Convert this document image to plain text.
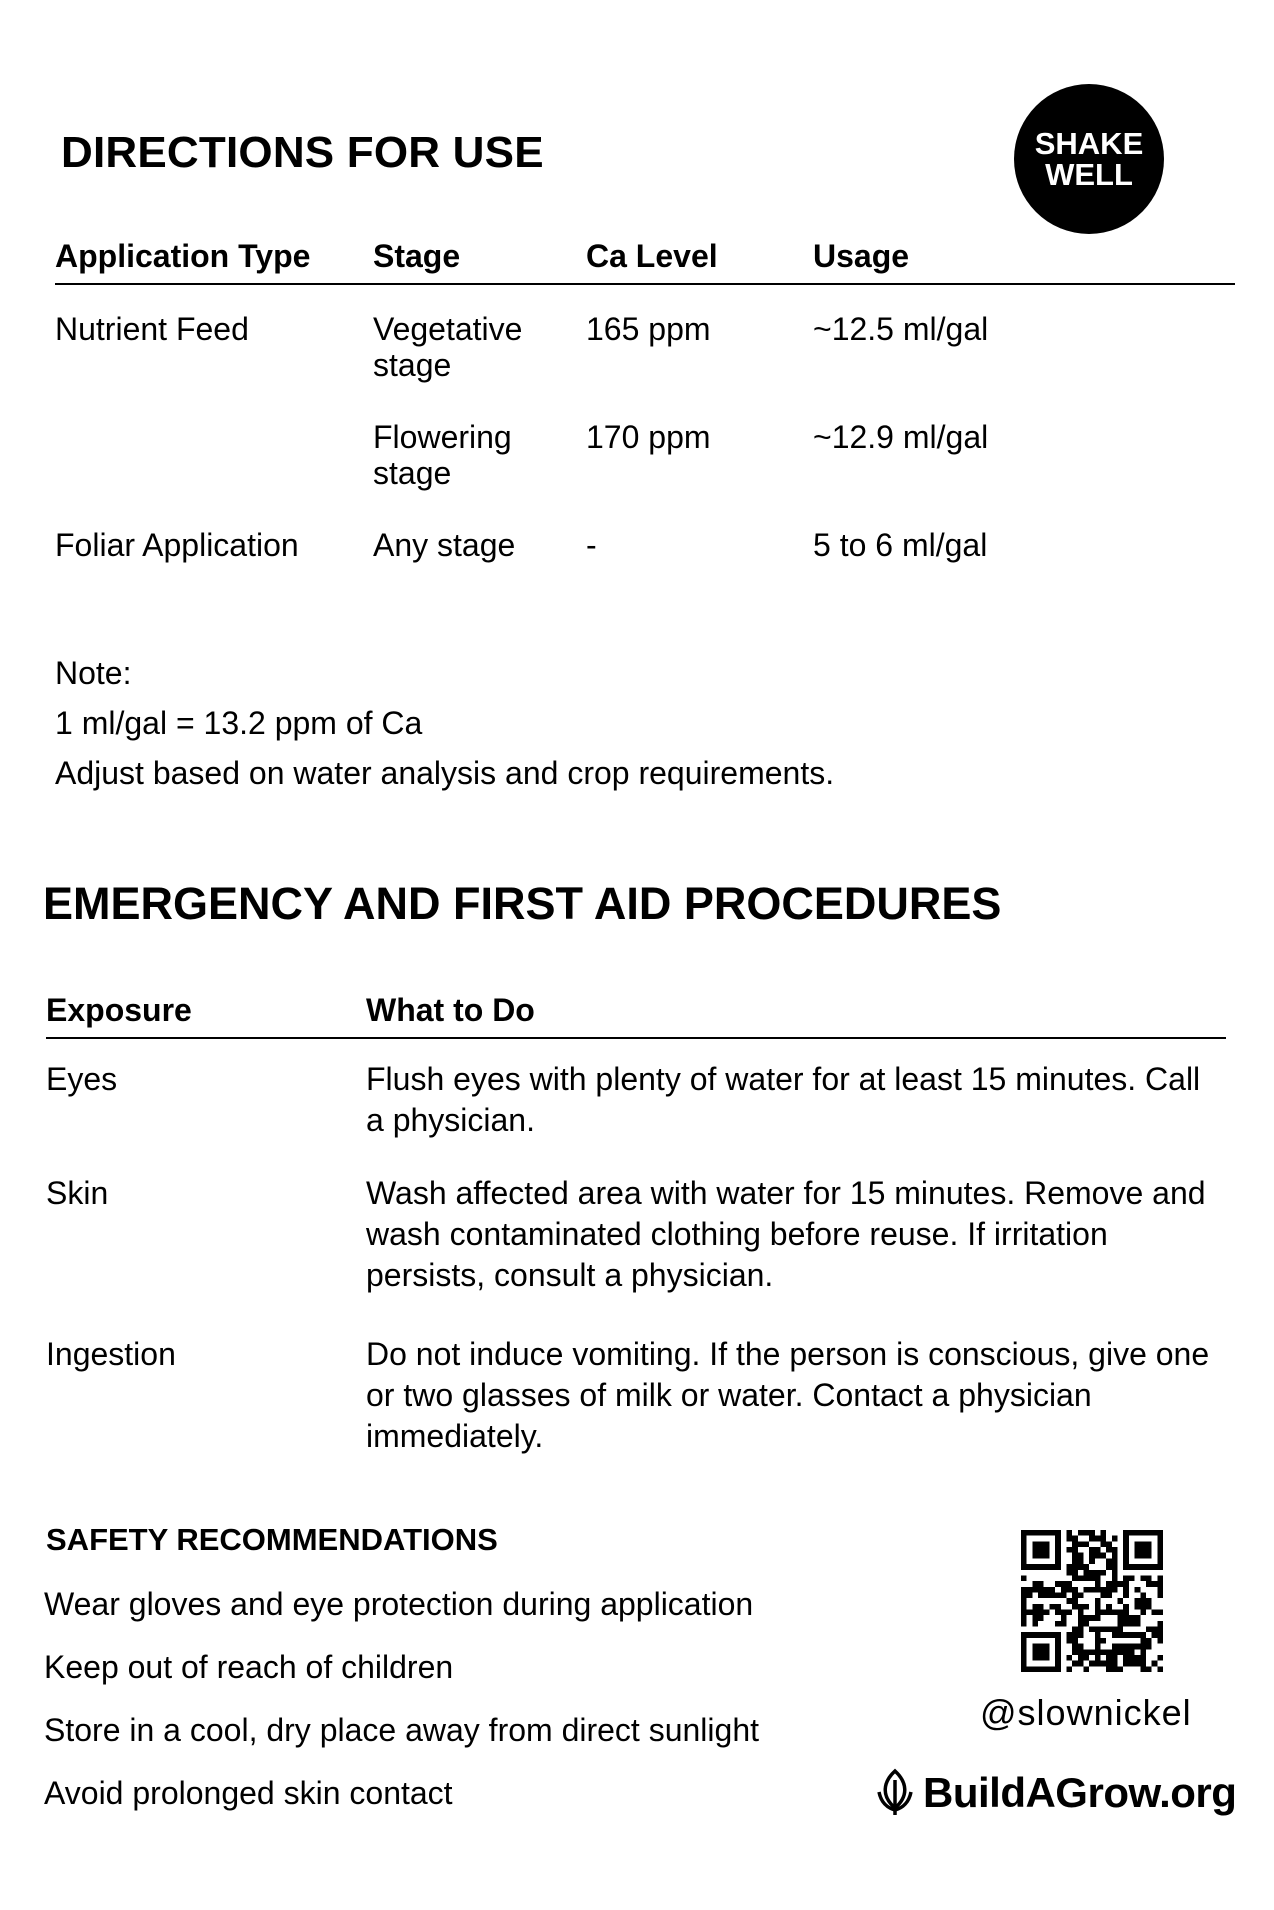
DIRECTIONS FOR USE	SHAKE
WELL
Application Type	Stage	Ca Level	Usage
Nutrient Feed	Vegetative stage	165 ppm	~12.5 ml/gal
	Flowering stage	170 ppm	~12.9 ml/gal
Foliar Application	Any stage	-	5 to 6 ml/gal
Note:
1 ml/gal = 13.2 ppm of Ca
Adjust based on water analysis and crop requirements.
EMERGENCY AND FIRST AID PROCEDURES
Exposure	What to Do
Eyes	Flush eyes with plenty of water for at least 15 minutes. Call a physician.
Skin	Wash affected area with water for 15 minutes. Remove and wash contaminated clothing before reuse. If irritation persists, consult a physician.
Ingestion	Do not induce vomiting. If the person is conscious, give one or two glasses of milk or water. Contact a physician immediately.
SAFETY RECOMMENDATIONS
Wear gloves and eye protection during application
Keep out of reach of children
Store in a cool, dry place away from direct sunlight
Avoid prolonged skin contact
@slownickel
BuildAGrow.org
